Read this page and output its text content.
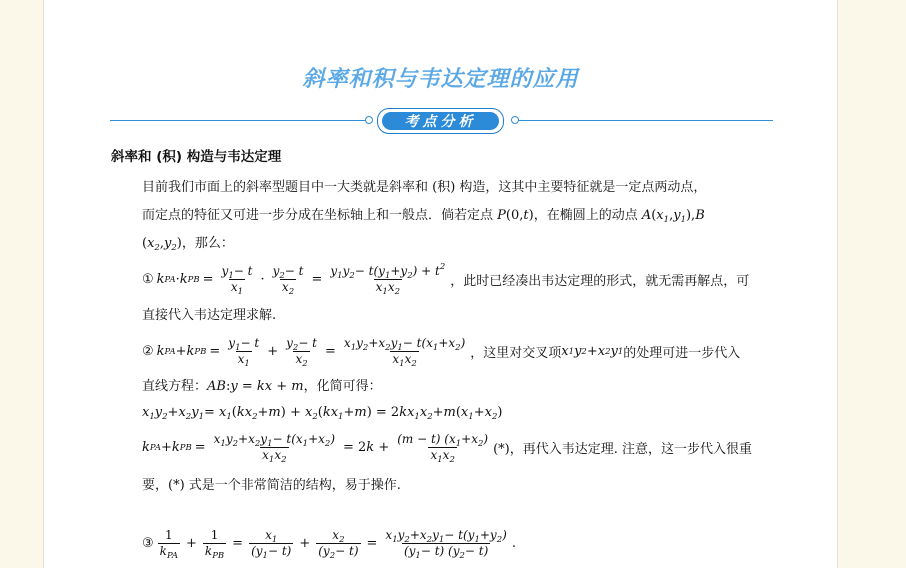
斜率和积与韦达定理的应用
考点分析
斜率和 (积) 构造与韦达定理
目前我们市面上的斜率型题目中一大类就是斜率和 (积) 构造，这其中主要特征就是一定点两动点，
而定点的特征又可进一步分成在坐标轴上和一般点．倘若定点 P(0,t)，在椭圆上的动点 $A(x_1,y_1),B$
$(x_2,y_2)$，那么：
① k PA · k PB = $\frac{y_1- t}{x_1} \cdot \frac{y_2- t}{x_2} = \frac{y_1y_2- t(y_1+y_2) + t^2}{x_1x_2}$ ，此时已经凑出韦达定理的形式，就无需再解点，可
直接代入韦达定理求解.
② k PA + k PB = $\frac{y_1- t}{x_1} + \frac{y_2- t}{x_2} = \frac{x_1y_2+x_2y_1- t(x_1+x_2)}{x_1x_2}$ ，这里对交叉项 x 1 y 2 + x 2 y 1 的处理可进一步代入
直线方程：AB:y = kx + m，化简可得：
$x_1y_2+x_2y_1= x_1(kx_2+m) + x_2(kx_1+m) = 2kx_1x_2+m(x_1+x_2)$
k PA + k PB = $\frac{x_1y_2+x_2y_1- t(x_1+x_2)}{x_1x_2} = 2k + \frac{(m - t) (x_1+x_2)}{x_1x_2}$ (*)，再代入韦达定理. 注意，这一步代入很重
要，(*) 式是一个非常简洁的结构，易于操作.
③ $\frac{1}{k_{PA}} + \frac{1}{k_{PB}} = \frac{x_1}{(y_1- t)} + \frac{x_2}{(y_2- t)} = \frac{x_1y_2+x_2y_1- t(y_1+y_2)}{(y_1- t) (y_2- t)}$ .
